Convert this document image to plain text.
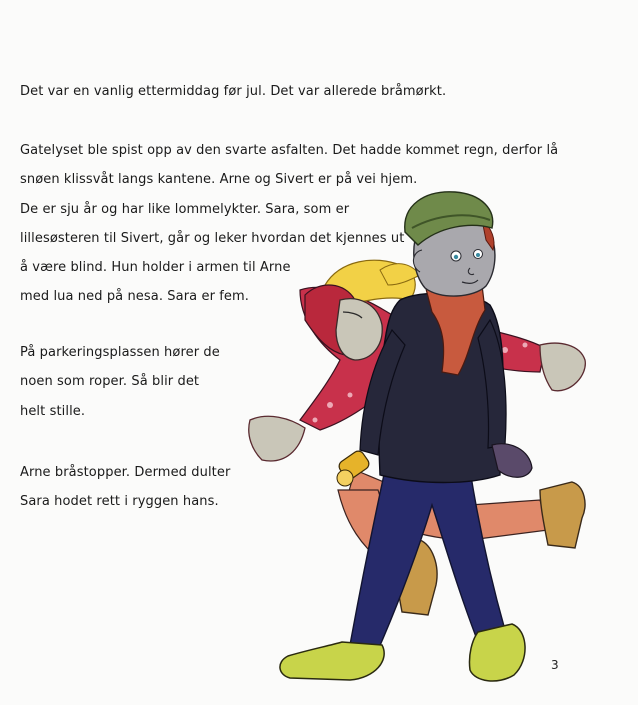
Det var en vanlig ettermiddag før jul. Det var allerede bråmørkt.
Gatelyset ble spist opp av den svarte asfalten. Det hadde kommet regn, derfor lå
snøen klissvåt langs kantene. Arne og Sivert er på vei hjem.
De er sju år og har like lommelykter. Sara, som er
lillesøsteren til Sivert, går og leker hvordan det kjennes ut
å være blind. Hun holder i armen til Arne
med lua ned på nesa. Sara er fem.
På parkeringsplassen hører de
noen som roper. Så blir det
helt stille.
Arne bråstopper. Dermed dulter
Sara hodet rett i ryggen hans.
3
